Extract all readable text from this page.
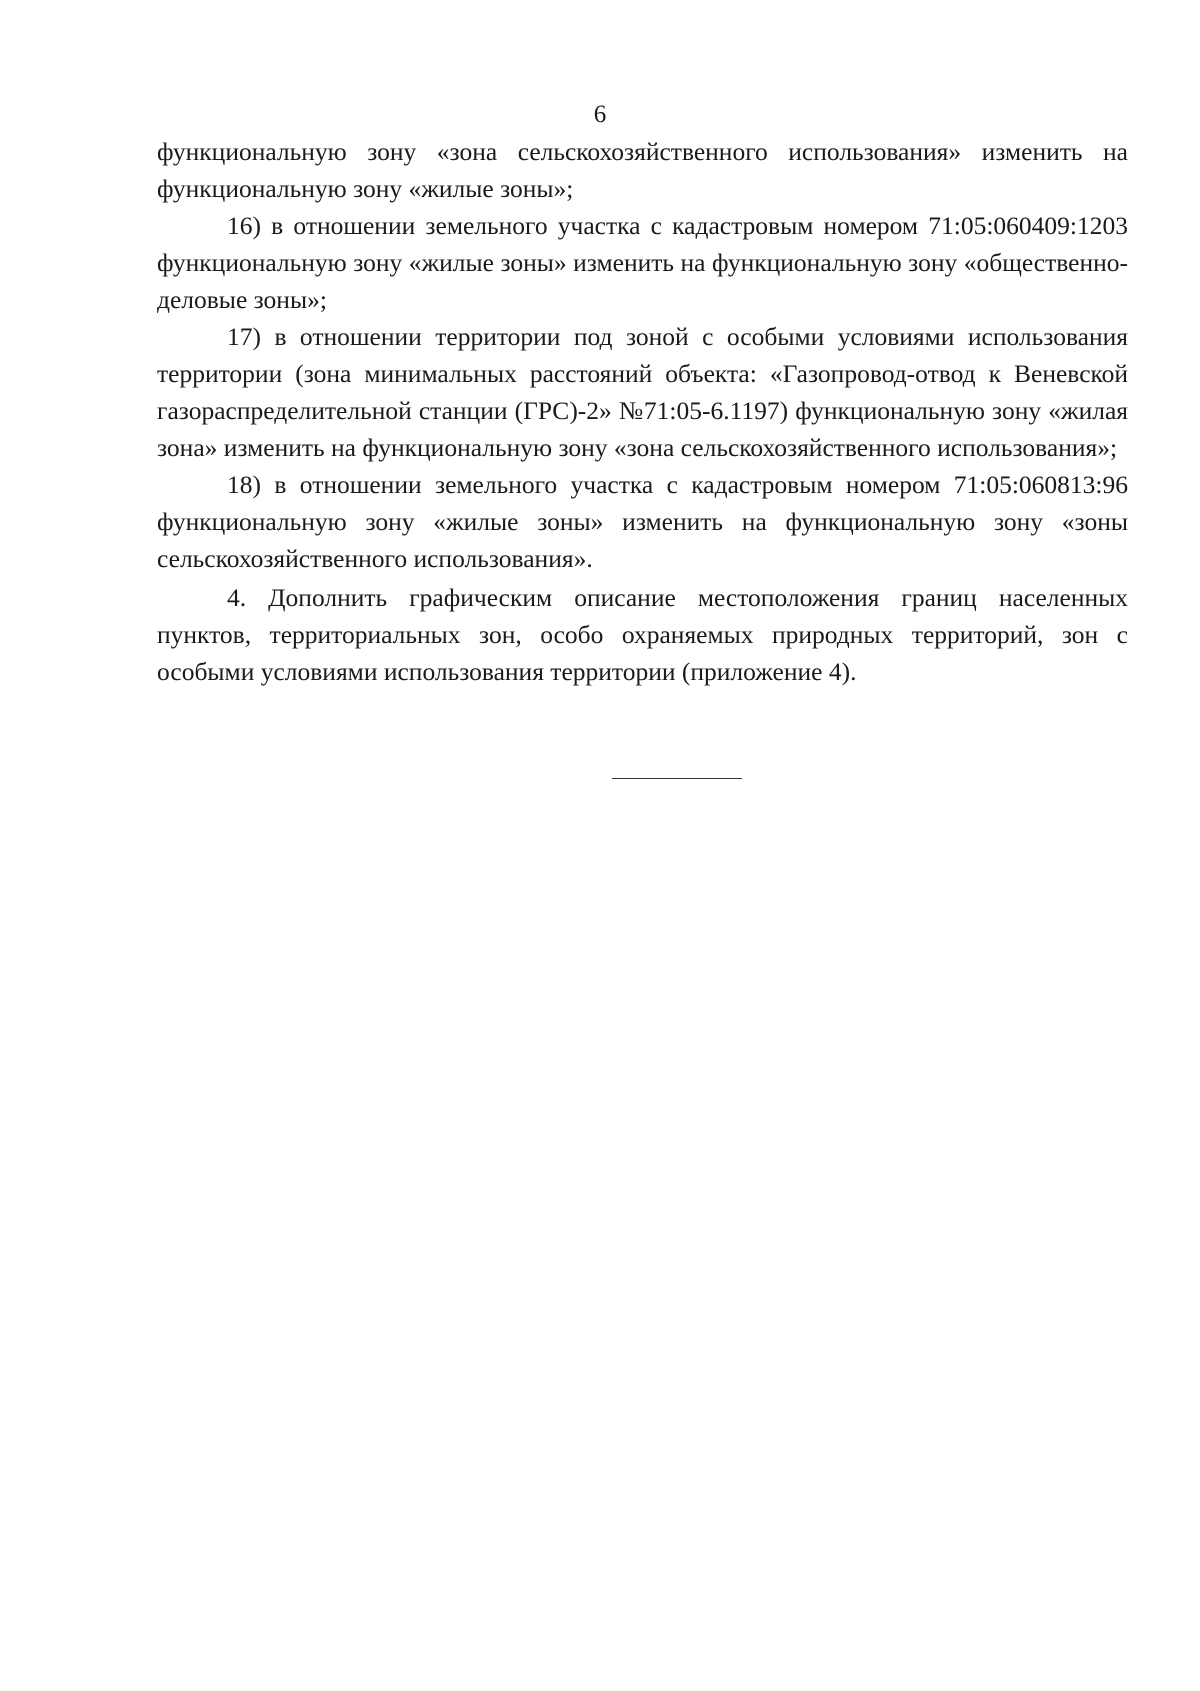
6

функциональную зону «зона сельскохозяйственного использования» изменить на функциональную зону «жилые зоны»;

16) в отношении земельного участка с кадастровым номером 71:05:060409:1203 функциональную зону «жилые зоны» изменить на функциональную зону «общественно-деловые зоны»;

17) в отношении территории под зоной с особыми условиями использования территории (зона минимальных расстояний объекта: «Газопровод-отвод к Веневской газораспределительной станции (ГРС)-2» №71:05-6.1197) функциональную зону «жилая зона» изменить на функциональную зону «зона сельскохозяйственного использования»;

18) в отношении земельного участка с кадастровым номером 71:05:060813:96 функциональную зону «жилые зоны» изменить на функциональную зону «зоны сельскохозяйственного использования».

4. Дополнить графическим описание местоположения границ населенных пунктов, территориальных зон, особо охраняемых природных территорий, зон с особыми условиями использования территории (приложение 4).
